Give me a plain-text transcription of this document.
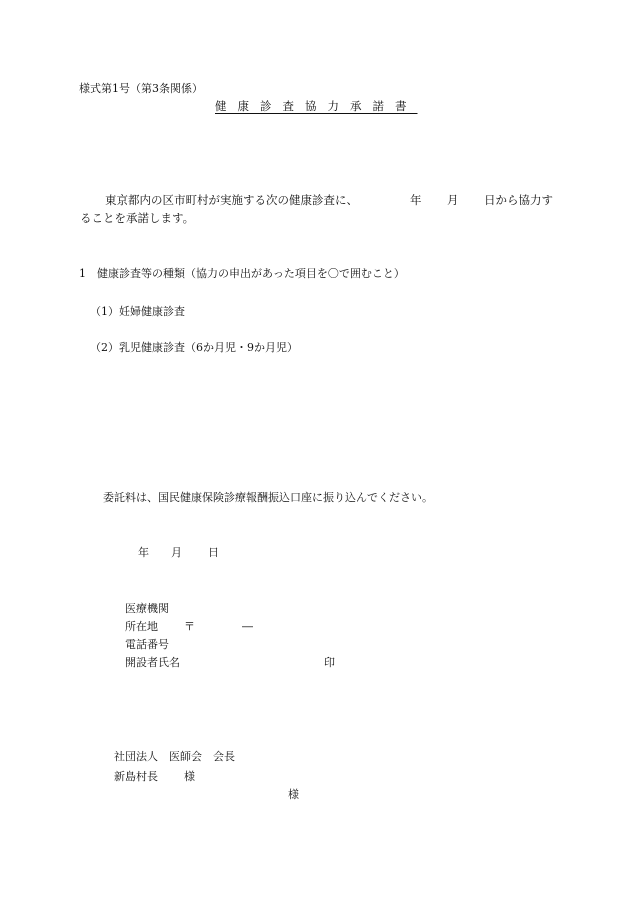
様式第1号（第3条関係）
健康診査協力承諾書
東京都内の区市町村が実施する次の健康診査に、	年 月 日から協力す
ることを承諾します。
1　健康診査等の種類（協力の申出があった項目を〇で囲むこと）
（1）妊婦健康診査
（2）乳児健康診査（6か月児・9か月児）
委託料は、国民健康保険診療報酬振込口座に振り込んでください。
年 月 日
医療機関
所在地 〒	―
電話番号
開設者氏名	印
社団法人　医師会　会長
新島村長 様
様
